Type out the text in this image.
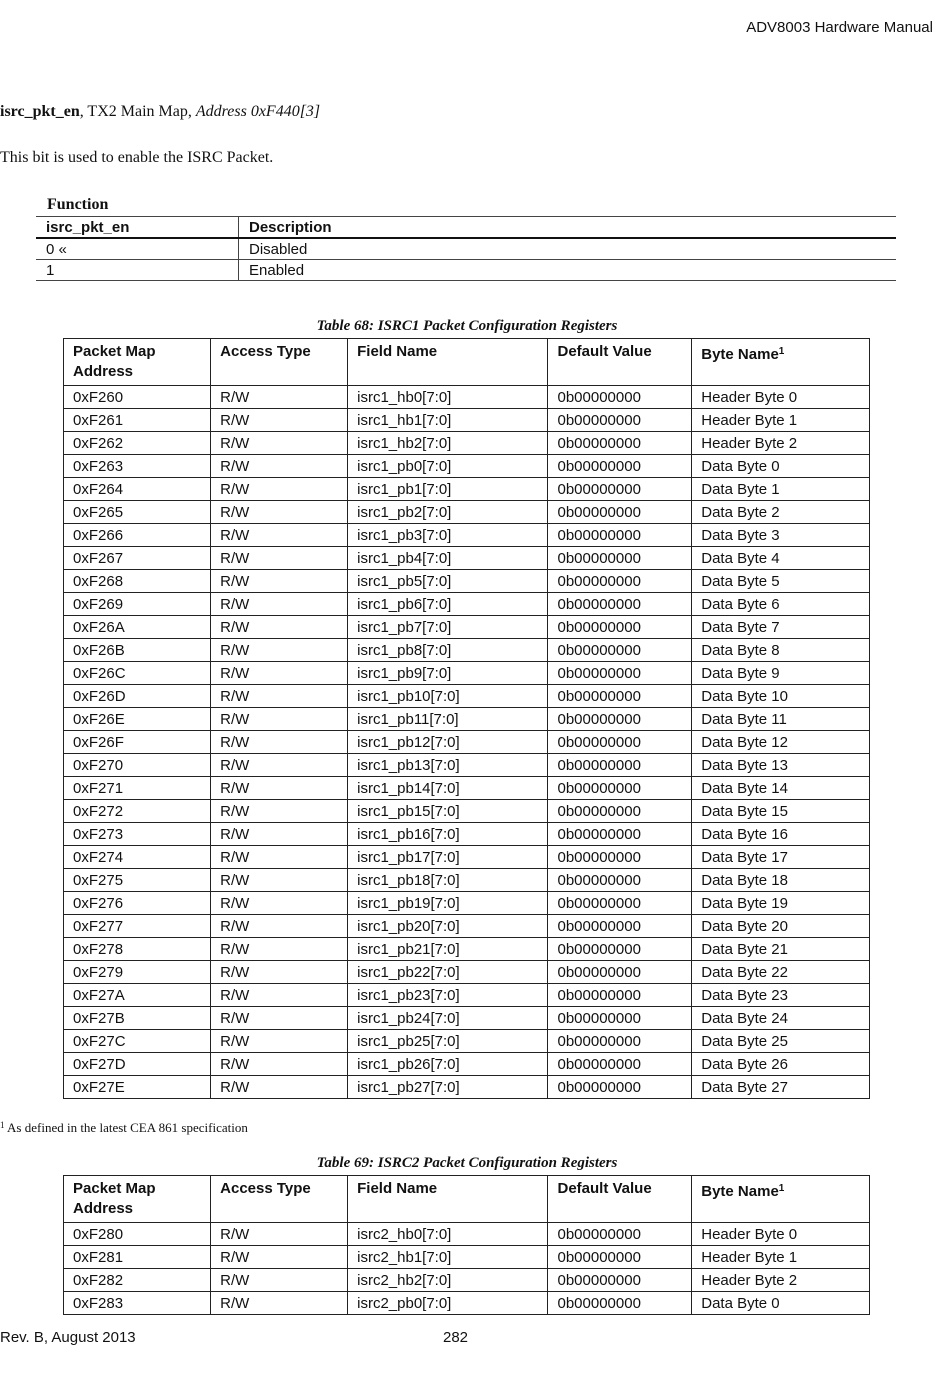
ADV8003 Hardware Manual
isrc_pkt_en, TX2 Main Map, Address 0xF440[3]
This bit is used to enable the ISRC Packet.
Function
isrc_pkt_en	Description
0 «	Disabled
1	Enabled
Table 68: ISRC1 Packet Configuration Registers
Packet Map Address	Access Type	Field Name	Default Value	Byte Name$^1$
0xF260	R/W	isrc1_hb0[7:0]	0b00000000	Header Byte 0
0xF261	R/W	isrc1_hb1[7:0]	0b00000000	Header Byte 1
0xF262	R/W	isrc1_hb2[7:0]	0b00000000	Header Byte 2
0xF263	R/W	isrc1_pb0[7:0]	0b00000000	Data Byte 0
0xF264	R/W	isrc1_pb1[7:0]	0b00000000	Data Byte 1
0xF265	R/W	isrc1_pb2[7:0]	0b00000000	Data Byte 2
0xF266	R/W	isrc1_pb3[7:0]	0b00000000	Data Byte 3
0xF267	R/W	isrc1_pb4[7:0]	0b00000000	Data Byte 4
0xF268	R/W	isrc1_pb5[7:0]	0b00000000	Data Byte 5
0xF269	R/W	isrc1_pb6[7:0]	0b00000000	Data Byte 6
0xF26A	R/W	isrc1_pb7[7:0]	0b00000000	Data Byte 7
0xF26B	R/W	isrc1_pb8[7:0]	0b00000000	Data Byte 8
0xF26C	R/W	isrc1_pb9[7:0]	0b00000000	Data Byte 9
0xF26D	R/W	isrc1_pb10[7:0]	0b00000000	Data Byte 10
0xF26E	R/W	isrc1_pb11[7:0]	0b00000000	Data Byte 11
0xF26F	R/W	isrc1_pb12[7:0]	0b00000000	Data Byte 12
0xF270	R/W	isrc1_pb13[7:0]	0b00000000	Data Byte 13
0xF271	R/W	isrc1_pb14[7:0]	0b00000000	Data Byte 14
0xF272	R/W	isrc1_pb15[7:0]	0b00000000	Data Byte 15
0xF273	R/W	isrc1_pb16[7:0]	0b00000000	Data Byte 16
0xF274	R/W	isrc1_pb17[7:0]	0b00000000	Data Byte 17
0xF275	R/W	isrc1_pb18[7:0]	0b00000000	Data Byte 18
0xF276	R/W	isrc1_pb19[7:0]	0b00000000	Data Byte 19
0xF277	R/W	isrc1_pb20[7:0]	0b00000000	Data Byte 20
0xF278	R/W	isrc1_pb21[7:0]	0b00000000	Data Byte 21
0xF279	R/W	isrc1_pb22[7:0]	0b00000000	Data Byte 22
0xF27A	R/W	isrc1_pb23[7:0]	0b00000000	Data Byte 23
0xF27B	R/W	isrc1_pb24[7:0]	0b00000000	Data Byte 24
0xF27C	R/W	isrc1_pb25[7:0]	0b00000000	Data Byte 25
0xF27D	R/W	isrc1_pb26[7:0]	0b00000000	Data Byte 26
0xF27E	R/W	isrc1_pb27[7:0]	0b00000000	Data Byte 27
$^1$ As defined in the latest CEA 861 specification
Table 69: ISRC2 Packet Configuration Registers
Packet Map Address	Access Type	Field Name	Default Value	Byte Name$^1$
0xF280	R/W	isrc2_hb0[7:0]	0b00000000	Header Byte 0
0xF281	R/W	isrc2_hb1[7:0]	0b00000000	Header Byte 1
0xF282	R/W	isrc2_hb2[7:0]	0b00000000	Header Byte 2
0xF283	R/W	isrc2_pb0[7:0]	0b00000000	Data Byte 0
Rev. B, August 2013	282
